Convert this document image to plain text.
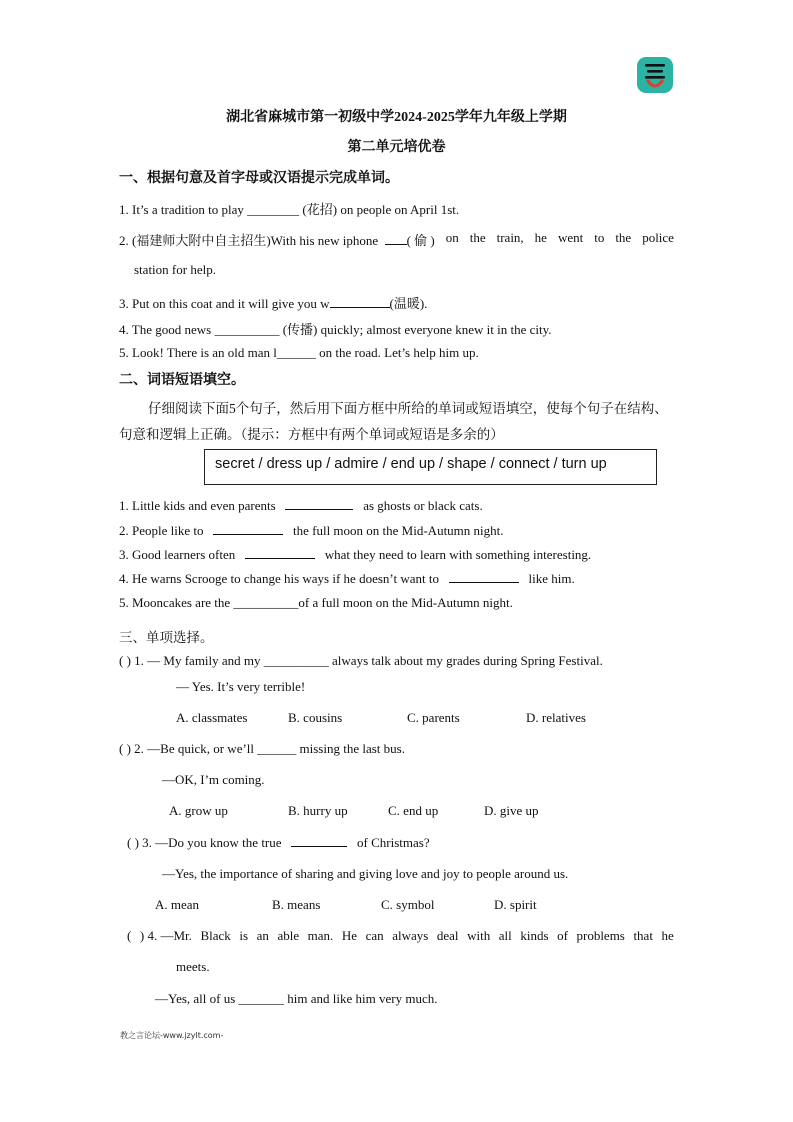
湖北省麻城市第一初级中学2024-2025学年九年级上学期
第二单元培优卷
一、根据句意及首字母或汉语提示完成单词。
1. It’s a tradition to play ________ (花招) on people on April 1st.
2. (福建师大附中自主招生)With his new iphone ( 偷 ) on the train, he went to the police
station for help.
3. Put on this coat and it will give you w	(温暖).
4. The good news __________ (传播) quickly; almost everyone knew it in the city.
5. Look! There is an old man l______ on the road. Let’s help him up.
二、词语短语填空。
仔细阅读下面5个句子，然后用下面方框中所给的单词或短语填空，使每个句子在结构、
句意和逻辑上正确。（提示：方框中有两个单词或短语是多余的）
secret / dress up / admire / end up / shape / connect / turn up
1. Little kids and even parents	as ghosts or black cats.
2. People like to	the full moon on the Mid-Autumn night.
3. Good learners often	what they need to learn with something interesting.
4. He warns Scrooge to change his ways if he doesn’t want to	like him.
5. Mooncakes are the __________of a full moon on the Mid-Autumn night.
三、单项选择。
( ) 1. — My family and my __________ always talk about my grades during Spring Festival.
— Yes. It’s very terrible!
A. classmates	B. cousins	C. parents	D. relatives
( ) 2. —Be quick, or we’ll ______ missing the last bus.
—OK, I’m coming.
A. grow up	B. hurry up	C. end up	D. give up
( ) 3. —Do you know the true	of Christmas?
—Yes, the importance of sharing and giving love and joy to people around us.
A. mean	B. means	C. symbol	D. spirit
( ) 4. —Mr. Black is an able man. He can always deal with all kinds of problems that he
meets.
—Yes, all of us _______ him and like him very much.
教之言论坛-www.jzylt.com-
